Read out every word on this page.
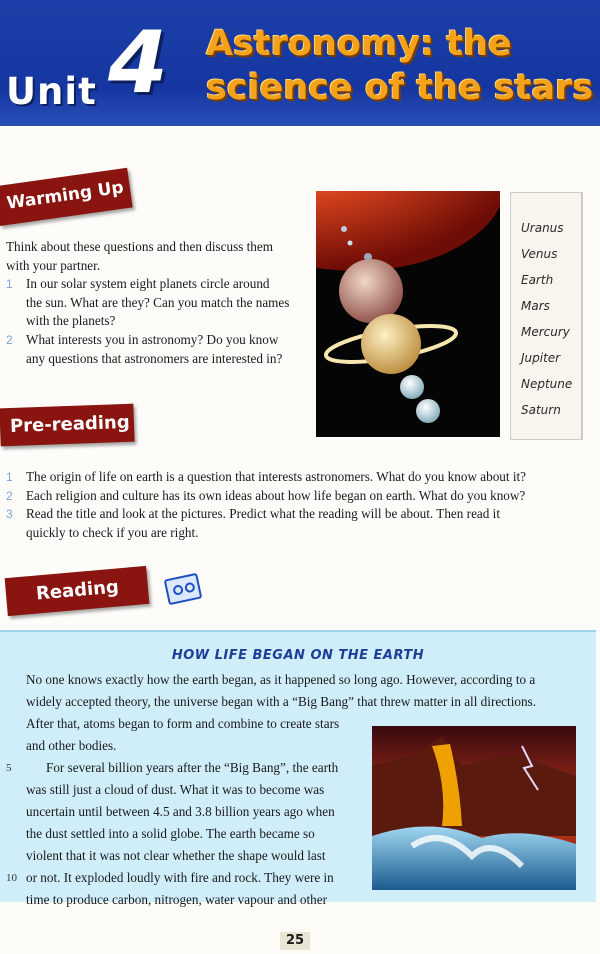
Unit 4 Astronomy: the
science of the stars
Warming Up

Think about these questions and then discuss them

with your partner.

1 In our solar system eight planets circle around
the sun. What are they? Can you match the names
with the planets?
2 What interests you in astronomy? Do you know
any questions that astronomers are interested in?
Uranus
Venus
Earth
Mars
Mercury
Jupiter
Neptune
Saturn
Pre-reading
1 The origin of life on earth is a question that interests astronomers. What do you know about it?
2 Each religion and culture has its own ideas about how life began on earth. What do you know?
3 Read the title and look at the pictures. Predict what the reading will be about. Then read it
quickly to check if you are right.
Reading
HOW LIFE BEGAN ON THE EARTH
No one knows exactly how the earth began, as it happened so long ago. However, according to a
widely accepted theory, the universe began with a “Big Bang” that threw matter in all directions.
After that, atoms began to form and combine to create stars
and other bodies.
5	For several billion years after the “Big Bang”, the earth
was still just a cloud of dust. What it was to become was
uncertain until between 4.5 and 3.8 billion years ago when
the dust settled into a solid globe. The earth became so
violent that it was not clear whether the shape would last
10 or not. It exploded loudly with fire and rock. They were in
time to produce carbon, nitrogen, water vapour and other
25
